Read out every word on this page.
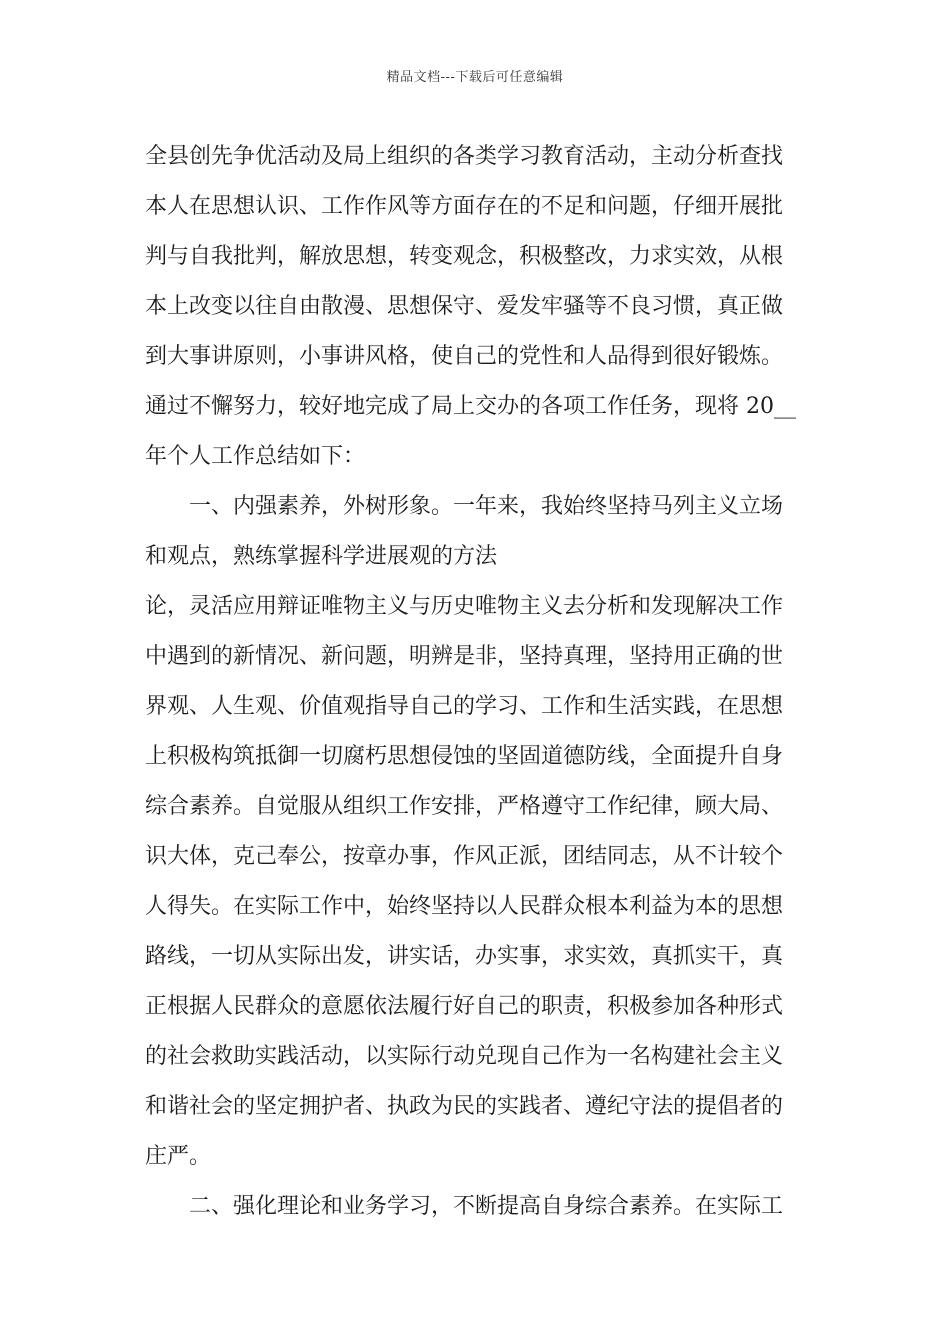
精品文档---下载后可任意编辑
全县创先争优活动及局上组织的各类学习教育活动，主动分析查找
本人在思想认识、工作作风等方面存在的不足和问题，仔细开展批
判与自我批判，解放思想，转变观念，积极整改，力求实效，从根
本上改变以往自由散漫、思想保守、爱发牢骚等不良习惯，真正做
到大事讲原则，小事讲风格，使自己的党性和人品得到很好锻炼。
通过不懈努力，较好地完成了局上交办的各项工作任务，现将 20__
年个人工作总结如下：
一、内强素养，外树形象。一年来，我始终坚持马列主义立场
和观点，熟练掌握科学进展观的方法
论，灵活应用辩证唯物主义与历史唯物主义去分析和发现解决工作
中遇到的新情况、新问题，明辨是非，坚持真理，坚持用正确的世
界观、人生观、价值观指导自己的学习、工作和生活实践，在思想
上积极构筑抵御一切腐朽思想侵蚀的坚固道德防线，全面提升自身
综合素养。自觉服从组织工作安排，严格遵守工作纪律，顾大局、
识大体，克己奉公，按章办事，作风正派，团结同志，从不计较个
人得失。在实际工作中，始终坚持以人民群众根本利益为本的思想
路线，一切从实际出发，讲实话，办实事，求实效，真抓实干，真
正根据人民群众的意愿依法履行好自己的职责，积极参加各种形式
的社会救助实践活动，以实际行动兑现自己作为一名构建社会主义
和谐社会的坚定拥护者、执政为民的实践者、遵纪守法的提倡者的
庄严。
二、强化理论和业务学习，不断提高自身综合素养。在实际工
